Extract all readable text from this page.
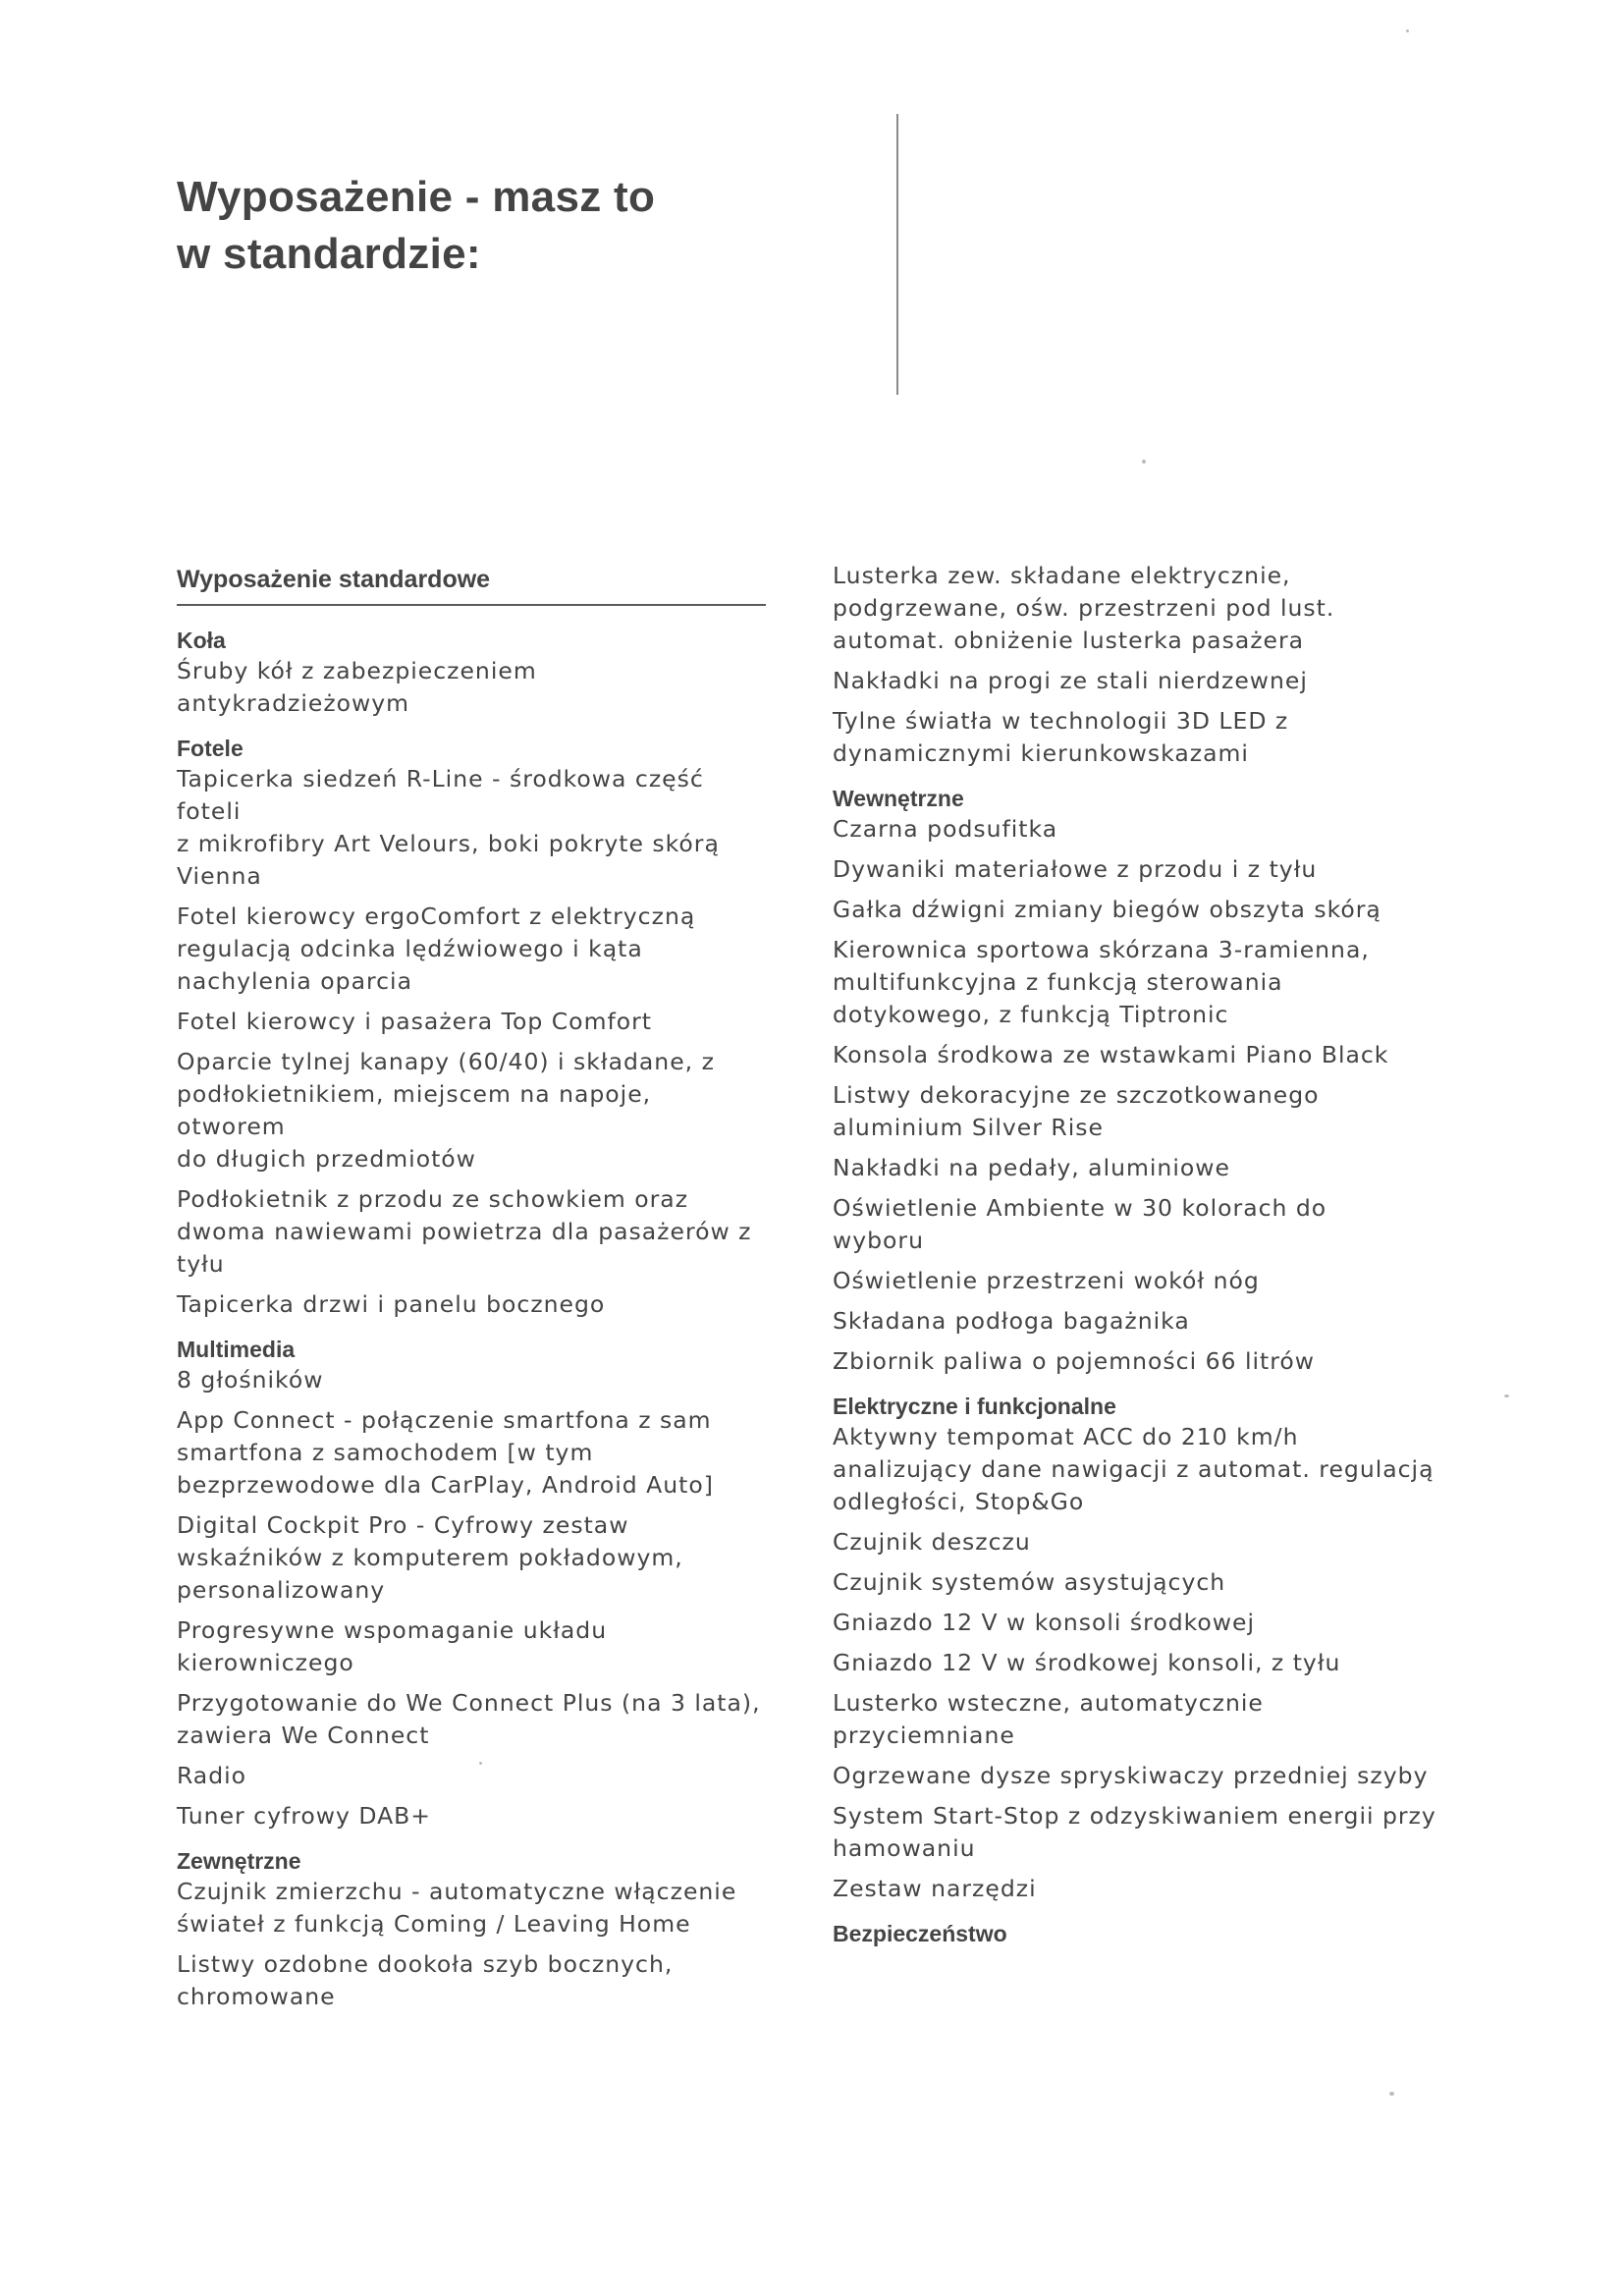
Wyposażenie - masz to
w standardzie:
Wyposażenie standardowe
Koła
Śruby kół z zabezpieczeniem antykradzieżowym
Fotele
Tapicerka siedzeń R-Line - środkowa część foteli
z mikrofibry Art Velours, boki pokryte skórą
Vienna
Fotel kierowcy ergoComfort z elektryczną
regulacją odcinka lędźwiowego i kąta
nachylenia oparcia
Fotel kierowcy i pasażera Top Comfort
Oparcie tylnej kanapy (60/40) i składane, z
podłokietnikiem, miejscem na napoje, otworem
do długich przedmiotów
Podłokietnik z przodu ze schowkiem oraz
dwoma nawiewami powietrza dla pasażerów z
tyłu
Tapicerka drzwi i panelu bocznego
Multimedia
8 głośników
App Connect - połączenie smartfona z sam
smartfona z samochodem [w tym
bezprzewodowe dla CarPlay, Android Auto]
Digital Cockpit Pro - Cyfrowy zestaw
wskaźników z komputerem pokładowym,
personalizowany
Progresywne wspomaganie układu
kierowniczego
Przygotowanie do We Connect Plus (na 3 lata),
zawiera We Connect
Radio
Tuner cyfrowy DAB+
Zewnętrzne
Czujnik zmierzchu - automatyczne włączenie
świateł z funkcją Coming / Leaving Home
Listwy ozdobne dookoła szyb bocznych,
chromowane
Lusterka zew. składane elektrycznie,
podgrzewane, ośw. przestrzeni pod lust.
automat. obniżenie lusterka pasażera
Nakładki na progi ze stali nierdzewnej
Tylne światła w technologii 3D LED z
dynamicznymi kierunkowskazami
Wewnętrzne
Czarna podsufitka
Dywaniki materiałowe z przodu i z tyłu
Gałka dźwigni zmiany biegów obszyta skórą
Kierownica sportowa skórzana 3-ramienna,
multifunkcyjna z funkcją sterowania
dotykowego, z funkcją Tiptronic
Konsola środkowa ze wstawkami Piano Black
Listwy dekoracyjne ze szczotkowanego
aluminium Silver Rise
Nakładki na pedały, aluminiowe
Oświetlenie Ambiente w 30 kolorach do
wyboru
Oświetlenie przestrzeni wokół nóg
Składana podłoga bagażnika
Zbiornik paliwa o pojemności 66 litrów
Elektryczne i funkcjonalne
Aktywny tempomat ACC do 210 km/h
analizujący dane nawigacji z automat. regulacją
odległości, Stop&Go
Czujnik deszczu
Czujnik systemów asystujących
Gniazdo 12 V w konsoli środkowej
Gniazdo 12 V w środkowej konsoli, z tyłu
Lusterko wsteczne, automatycznie
przyciemniane
Ogrzewane dysze spryskiwaczy przedniej szyby
System Start-Stop z odzyskiwaniem energii przy
hamowaniu
Zestaw narzędzi
Bezpieczeństwo
